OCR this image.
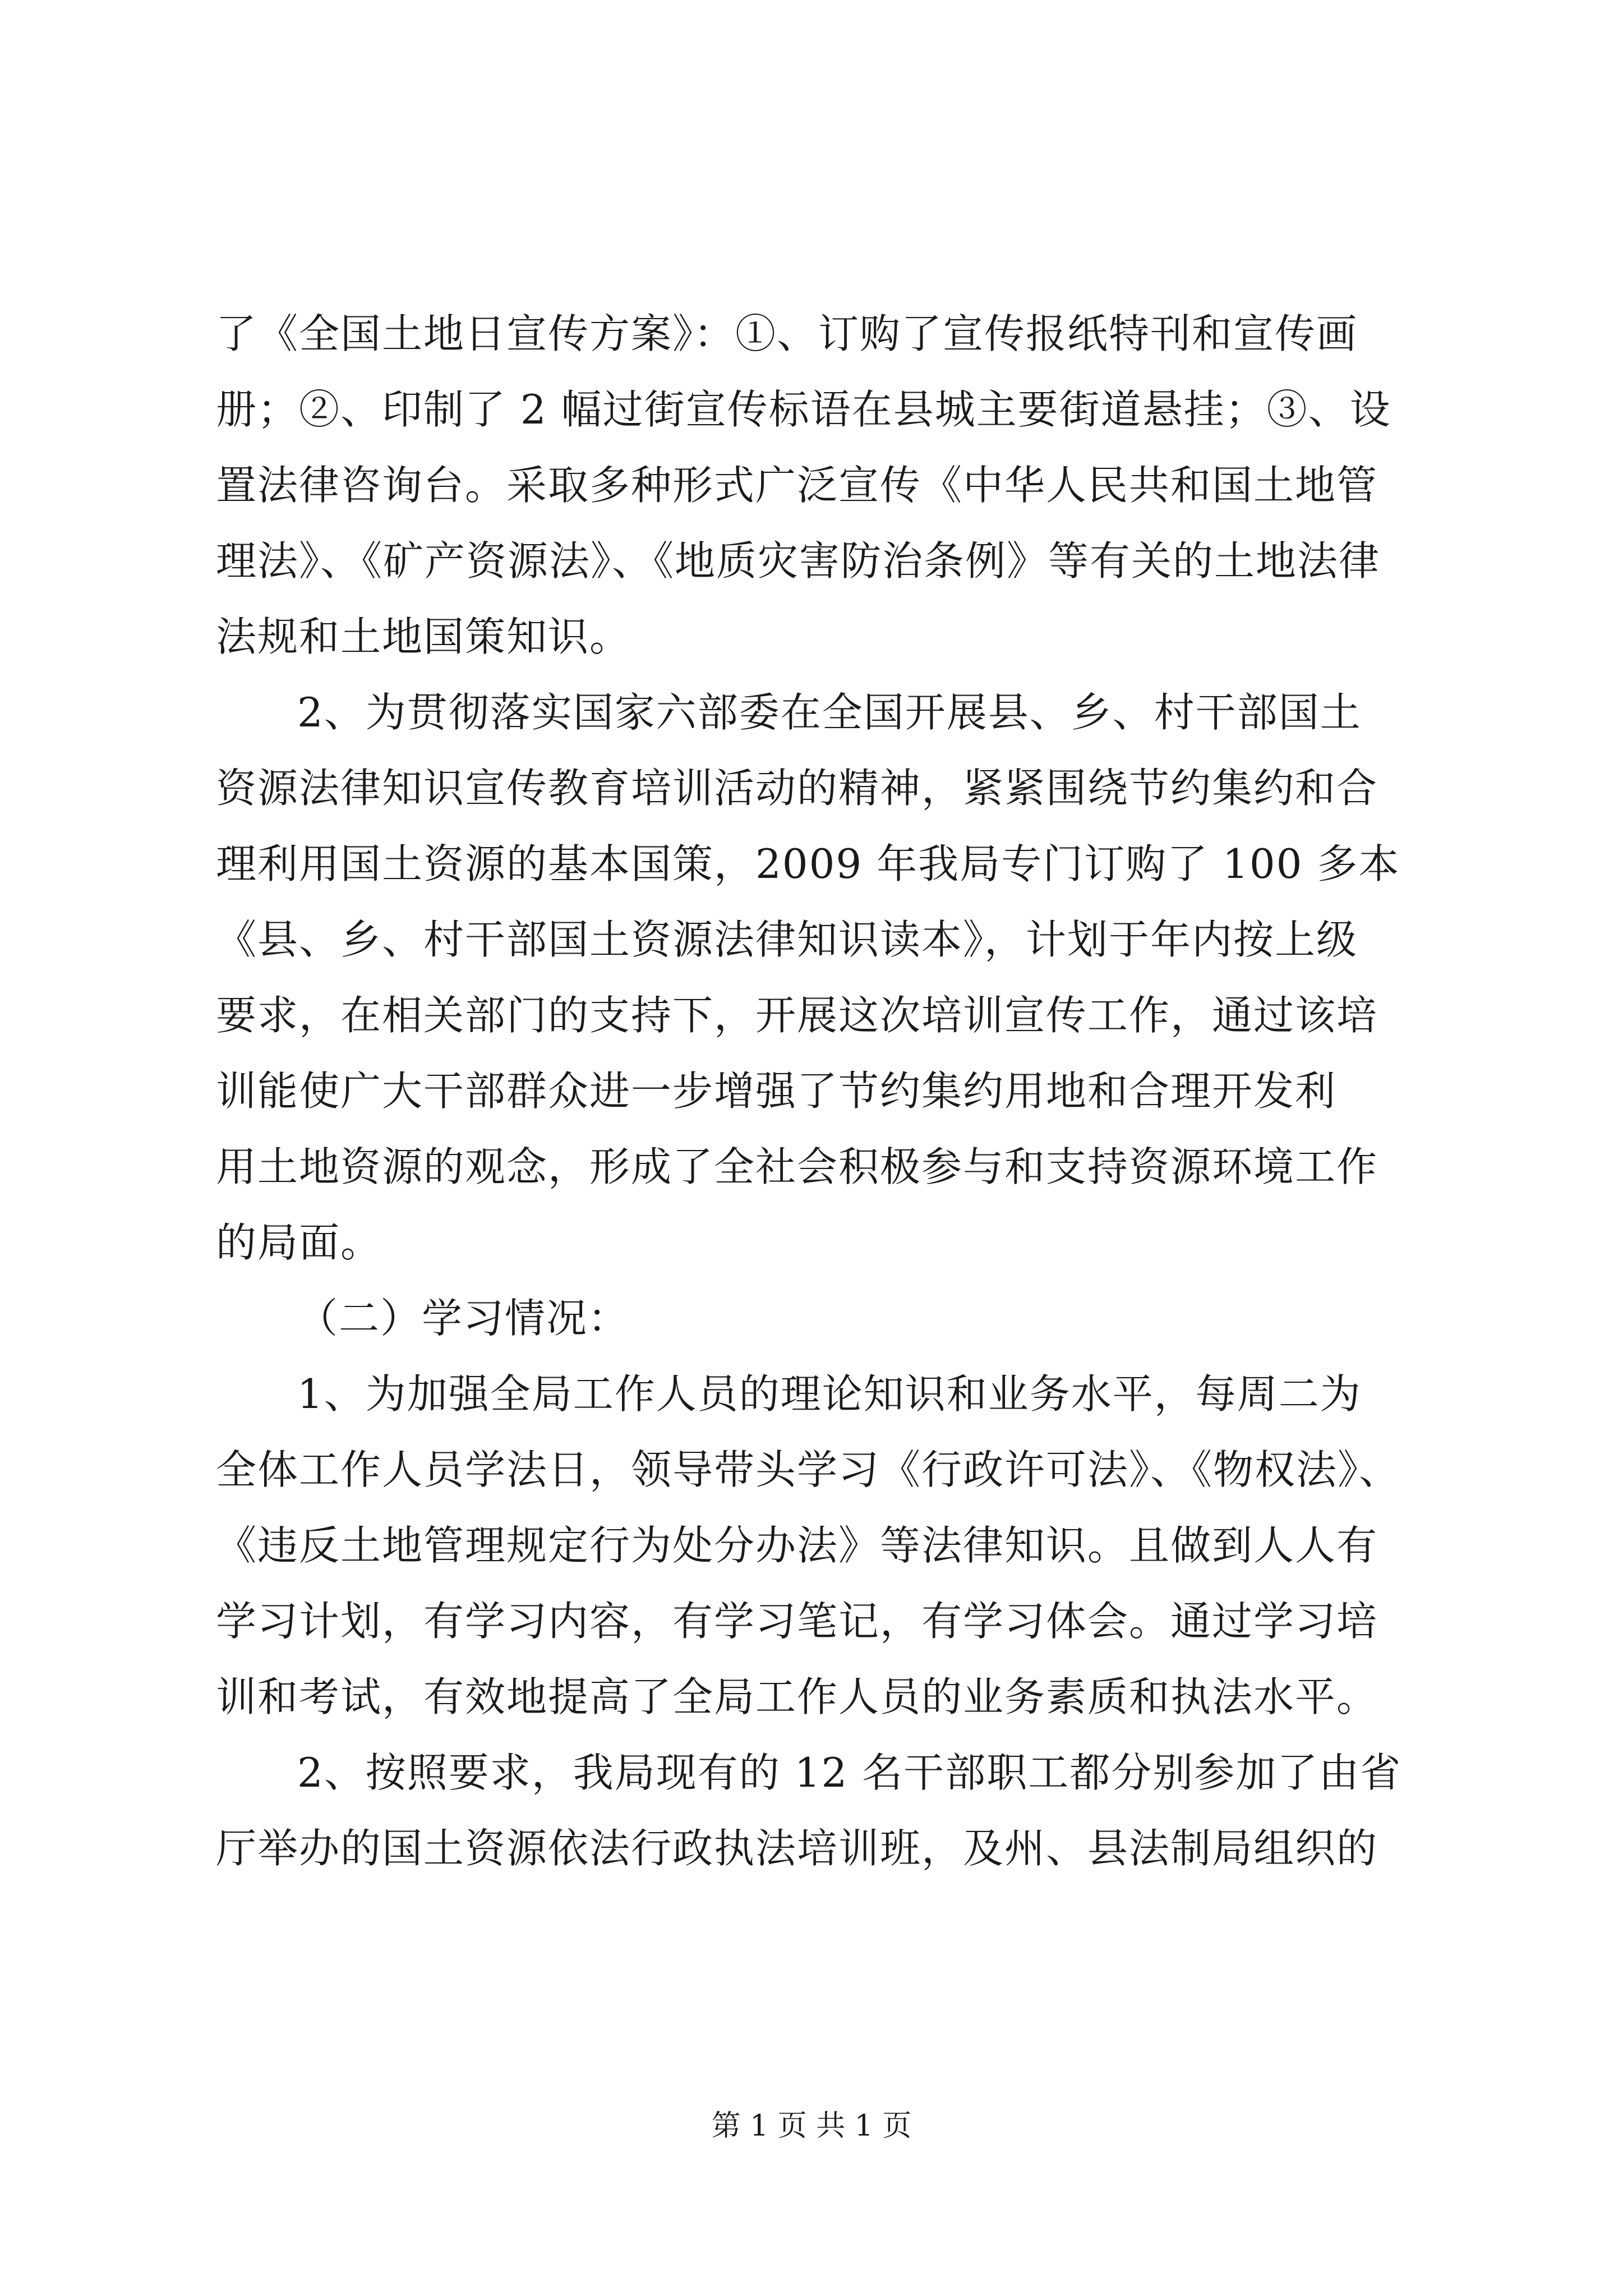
了《全国土地日宣传方案》：①、订购了宣传报纸特刊和宣传画
册；②、印制了 2 幅过街宣传标语在县城主要街道悬挂；③、设
置法律咨询台。采取多种形式广泛宣传《中华人民共和国土地管
理法》、《矿产资源法》、《地质灾害防治条例》等有关的土地法律
法规和土地国策知识。
2、为贯彻落实国家六部委在全国开展县、乡、村干部国土
资源法律知识宣传教育培训活动的精神，紧紧围绕节约集约和合
理利用国土资源的基本国策，2009 年我局专门订购了 100 多本
《县、乡、村干部国土资源法律知识读本》，计划于年内按上级
要求，在相关部门的支持下，开展这次培训宣传工作，通过该培
训能使广大干部群众进一步增强了节约集约用地和合理开发利
用土地资源的观念，形成了全社会积极参与和支持资源环境工作
的局面。
（二）学习情况：
1、为加强全局工作人员的理论知识和业务水平，每周二为
全体工作人员学法日，领导带头学习《行政许可法》、《物权法》、
《违反土地管理规定行为处分办法》等法律知识。且做到人人有
学习计划，有学习内容，有学习笔记，有学习体会。通过学习培
训和考试，有效地提高了全局工作人员的业务素质和执法水平。
2、按照要求，我局现有的 12 名干部职工都分别参加了由省
厅举办的国土资源依法行政执法培训班，及州、县法制局组织的
第 1 页 共 1 页
